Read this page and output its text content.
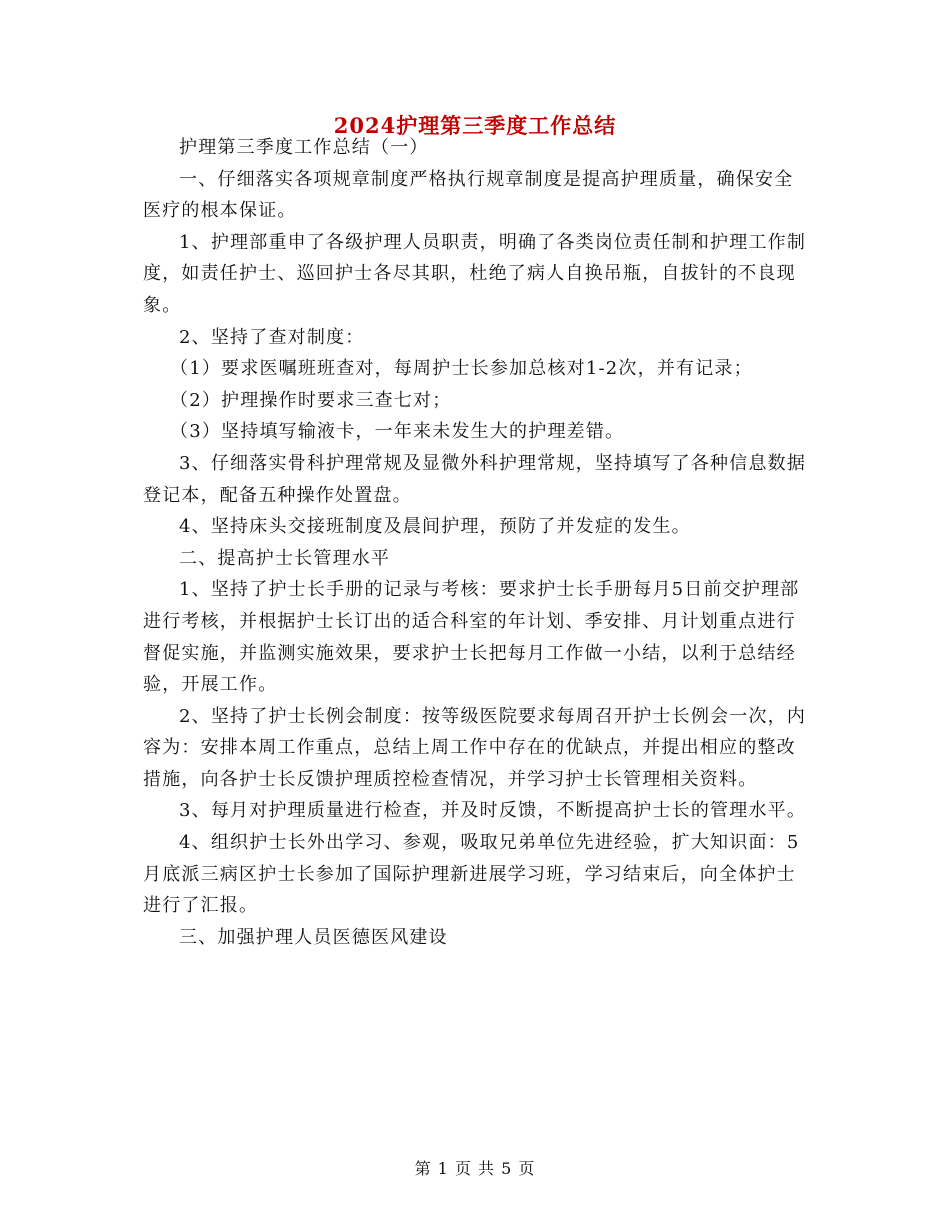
2024护理第三季度工作总结

护理第三季度工作总结（一）

一、仔细落实各项规章制度严格执行规章制度是提高护理质量，确保安全医疗的根本保证。

1、护理部重申了各级护理人员职责，明确了各类岗位责任制和护理工作制度，如责任护士、巡回护士各尽其职，杜绝了病人自换吊瓶，自拔针的不良现象。

2、坚持了查对制度：

（1）要求医嘱班班查对，每周护士长参加总核对1-2次，并有记录；

（2）护理操作时要求三查七对；

（3）坚持填写输液卡，一年来未发生大的护理差错。

3、仔细落实骨科护理常规及显微外科护理常规，坚持填写了各种信息数据登记本，配备五种操作处置盘。

4、坚持床头交接班制度及晨间护理，预防了并发症的发生。

二、提高护士长管理水平

1、坚持了护士长手册的记录与考核：要求护士长手册每月5日前交护理部进行考核，并根据护士长订出的适合科室的年计划、季安排、月计划重点进行督促实施，并监测实施效果，要求护士长把每月工作做一小结，以利于总结经验，开展工作。

2、坚持了护士长例会制度：按等级医院要求每周召开护士长例会一次，内容为：安排本周工作重点，总结上周工作中存在的优缺点，并提出相应的整改措施，向各护士长反馈护理质控检查情况，并学习护士长管理相关资料。

3、每月对护理质量进行检查，并及时反馈，不断提高护士长的管理水平。

4、组织护士长外出学习、参观，吸取兄弟单位先进经验，扩大知识面：5月底派三病区护士长参加了国际护理新进展学习班，学习结束后，向全体护士进行了汇报。

三、加强护理人员医德医风建设

第 1 页 共 5 页
